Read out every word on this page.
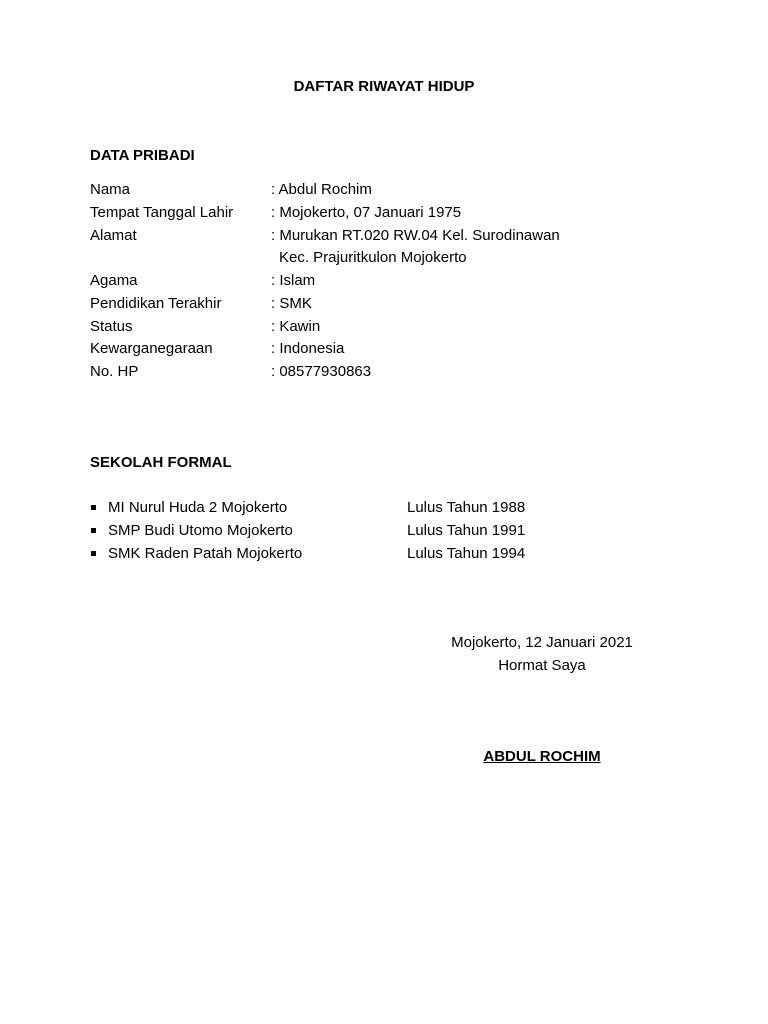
DAFTAR RIWAYAT HIDUP
DATA PRIBADI
Nama	: Abdul Rochim
Tempat Tanggal Lahir	: Mojokerto, 07 Januari 1975
Alamat	: Murukan RT.020 RW.04 Kel. Surodinawan
Kec. Prajuritkulon Mojokerto
Agama	: Islam
Pendidikan Terakhir	: SMK
Status	: Kawin
Kewarganegaraan	: Indonesia
No. HP	: 08577930863
SEKOLAH FORMAL
MI Nurul Huda 2 Mojokerto	Lulus Tahun 1988
SMP Budi Utomo Mojokerto	Lulus Tahun 1991
SMK Raden Patah Mojokerto	Lulus Tahun 1994
Mojokerto, 12 Januari 2021
Hormat Saya
ABDUL ROCHIM
